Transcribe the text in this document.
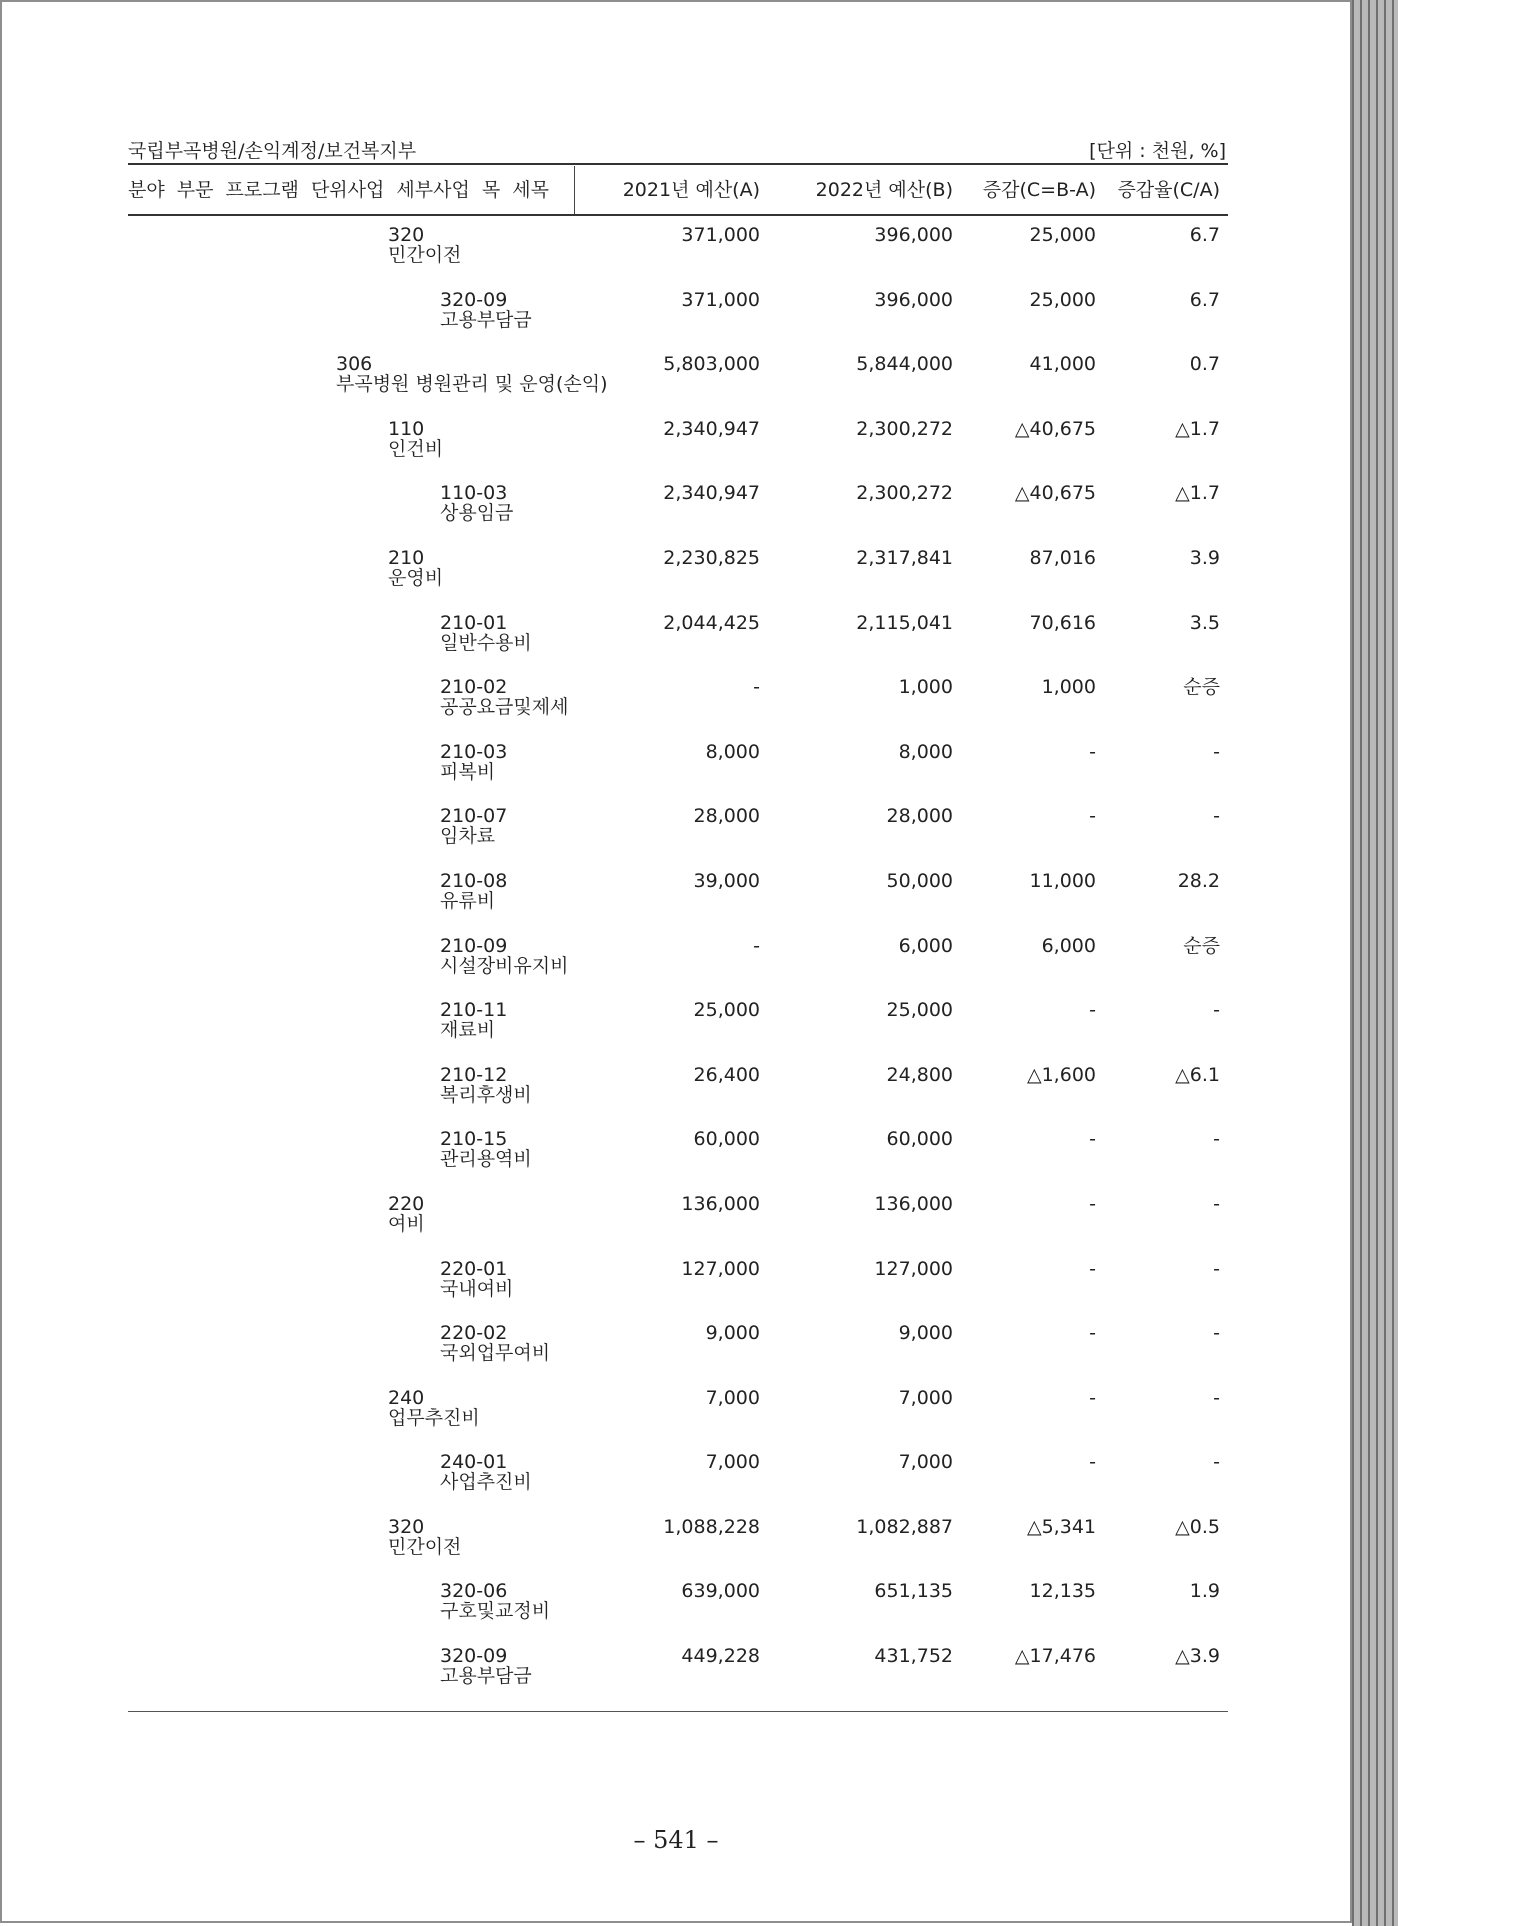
국립부곡병원/손익계정/보건복지부	[단위 : 천원, %]
분야 부문 프로그램 단위사업 세부사업 목 세목	2021년 예산(A)	2022년 예산(B) 증감(C=B-A) 증감율(C/A)
320
민간이전
371,000	396,000	25,000	6.7
320-09
고용부담금
371,000	396,000	25,000	6.7
306
부곡병원 병원관리 및 운영(손익)
5,803,000	5,844,000	41,000	0.7
110
인건비
2,340,947	2,300,272	△40,675	△1.7
110-03
상용임금
2,340,947	2,300,272	△40,675	△1.7
210
운영비
2,230,825	2,317,841	87,016	3.9
210-01
일반수용비
2,044,425	2,115,041	70,616	3.5
210-02
공공요금및제세
-	1,000	1,000	순증
210-03
피복비
8,000	8,000	-	-
210-07
임차료
28,000	28,000	-	-
210-08
유류비
39,000	50,000	11,000	28.2
210-09
시설장비유지비
-	6,000	6,000	순증
210-11
재료비
25,000	25,000	-	-
210-12
복리후생비
26,400	24,800	△1,600	△6.1
210-15
관리용역비
60,000	60,000	-	-
220
여비
136,000	136,000	-	-
220-01
국내여비
127,000	127,000	-	-
220-02
국외업무여비
9,000	9,000	-	-
240
업무추진비
7,000	7,000	-	-
240-01
사업추진비
7,000	7,000	-	-
320
민간이전
1,088,228	1,082,887	△5,341	△0.5
320-06
구호및교정비
639,000	651,135	12,135	1.9
320-09
고용부담금
449,228	431,752	△17,476	△3.9
– 541 –
